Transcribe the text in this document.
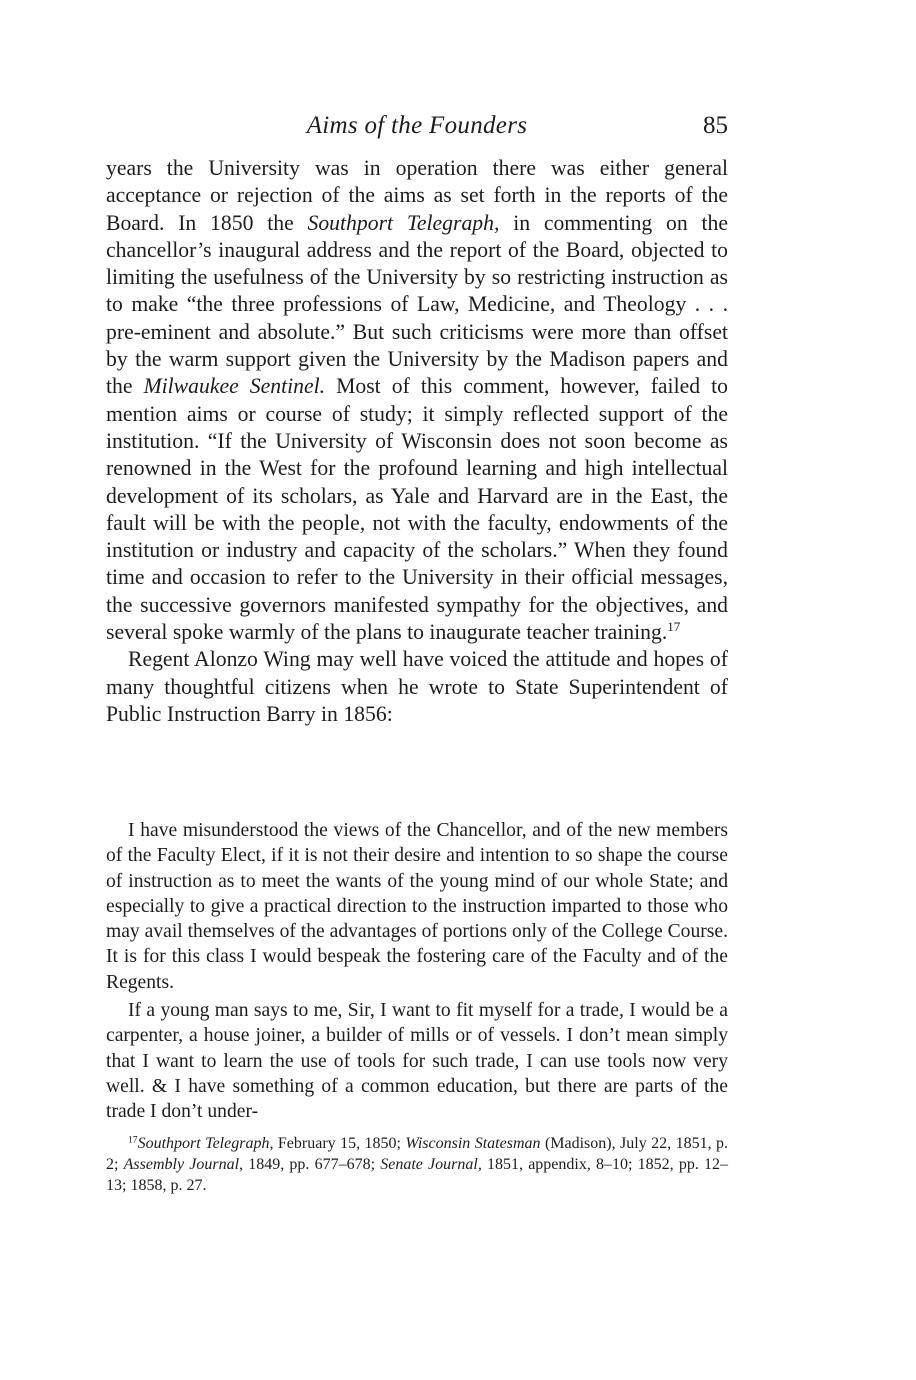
Aims of the Founders	85

years the University was in operation there was either general acceptance or rejection of the aims as set forth in the reports of the Board. In 1850 the Southport Telegraph, in commenting on the chancellor’s inaugural address and the report of the Board, objected to limiting the usefulness of the University by so restricting instruction as to make “the three professions of Law, Medicine, and Theology . . . pre-eminent and absolute.” But such criticisms were more than offset by the warm support given the University by the Madison papers and the Milwaukee Sentinel. Most of this comment, however, failed to mention aims or course of study; it simply reflected support of the institution. “If the University of Wisconsin does not soon become as renowned in the West for the profound learning and high intellectual development of its scholars, as Yale and Harvard are in the East, the fault will be with the people, not with the faculty, endowments of the institution or industry and capacity of the scholars.” When they found time and occasion to refer to the University in their official messages, the successive governors manifested sympathy for the objectives, and several spoke warmly of the plans to inaugurate teacher training.$^{17}$

Regent Alonzo Wing may well have voiced the attitude and hopes of many thoughtful citizens when he wrote to State Superintendent of Public Instruction Barry in 1856:

I have misunderstood the views of the Chancellor, and of the new members of the Faculty Elect, if it is not their desire and intention to so shape the course of instruction as to meet the wants of the young mind of our whole State; and especially to give a practical direction to the instruction imparted to those who may avail themselves of the advantages of portions only of the College Course. It is for this class I would bespeak the fostering care of the Faculty and of the Regents.

If a young man says to me, Sir, I want to fit myself for a trade, I would be a carpenter, a house joiner, a builder of mills or of vessels. I don’t mean simply that I want to learn the use of tools for such trade, I can use tools now very well. & I have something of a common education, but there are parts of the trade I don’t under-

$^{17}$Southport Telegraph, February 15, 1850; Wisconsin Statesman (Madison), July 22, 1851, p. 2; Assembly Journal, 1849, pp. 677–678; Senate Journal, 1851, appendix, 8–10; 1852, pp. 12–13; 1858, p. 27.
